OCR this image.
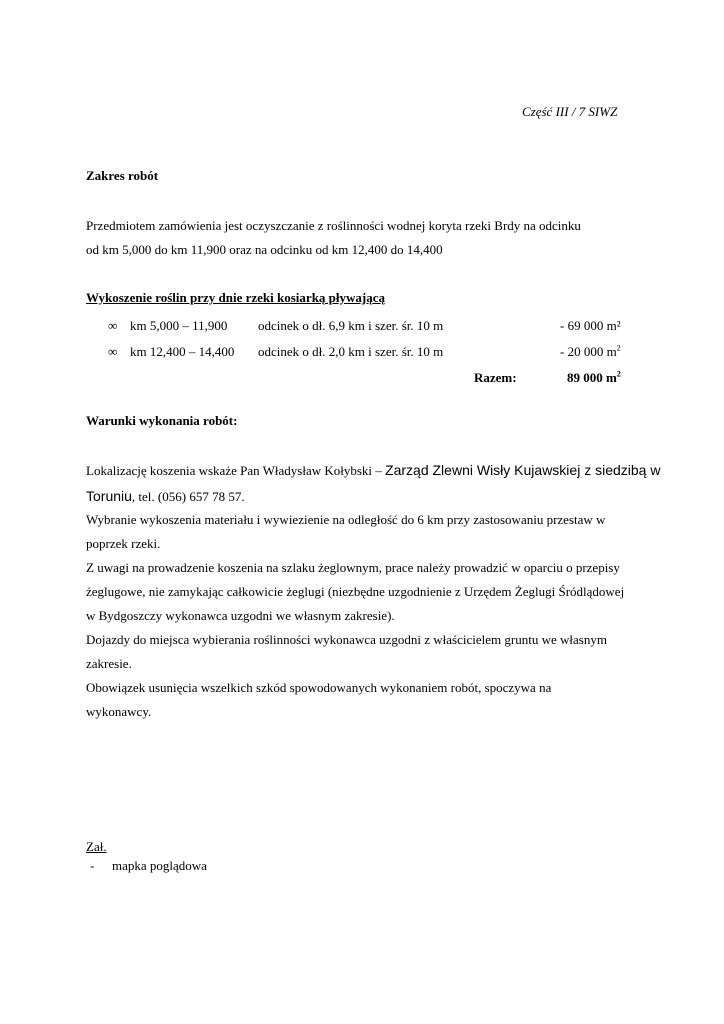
Część III / 7 SIWZ
Zakres robót
Przedmiotem zamówienia jest oczyszczanie z roślinności wodnej koryta rzeki Brdy na odcinku
od km 5,000 do km 11,900 oraz na odcinku od km 12,400 do 14,400
Wykoszenie roślin przy dnie rzeki kosiarką pływającą
∞ km 5,000 – 11,900 odcinek o dł. 6,9 km i szer. śr. 10 m	- 69 000 m²
∞ km 12,400 – 14,400 odcinek o dł. 2,0 km i szer. śr. 10 m	- 20 000 $m^2$
Razem:	89 000 $m^2$
Warunki wykonania robót:
Lokalizację koszenia wskaże Pan Władysław Kołybski – Zarząd Zlewni Wisły Kujawskiej z siedzibą w
Toruniu, tel. (056) 657 78 57.
Wybranie wykoszenia materiału i wywiezienie na odległość do 6 km przy zastosowaniu przestaw w
poprzek rzeki.
Z uwagi na prowadzenie koszenia na szlaku żeglownym, prace należy prowadzić w oparciu o przepisy
żeglugowe, nie zamykając całkowicie żeglugi (niezbędne uzgodnienie z Urzędem Żeglugi Śródlądowej
w Bydgoszczy wykonawca uzgodni we własnym zakresie).
Dojazdy do miejsca wybierania roślinności wykonawca uzgodni z właścicielem gruntu we własnym
zakresie.
Obowiązek usunięcia wszelkich szkód spowodowanych wykonaniem robót, spoczywa na
wykonawcy.
Zał.
- mapka poglądowa
